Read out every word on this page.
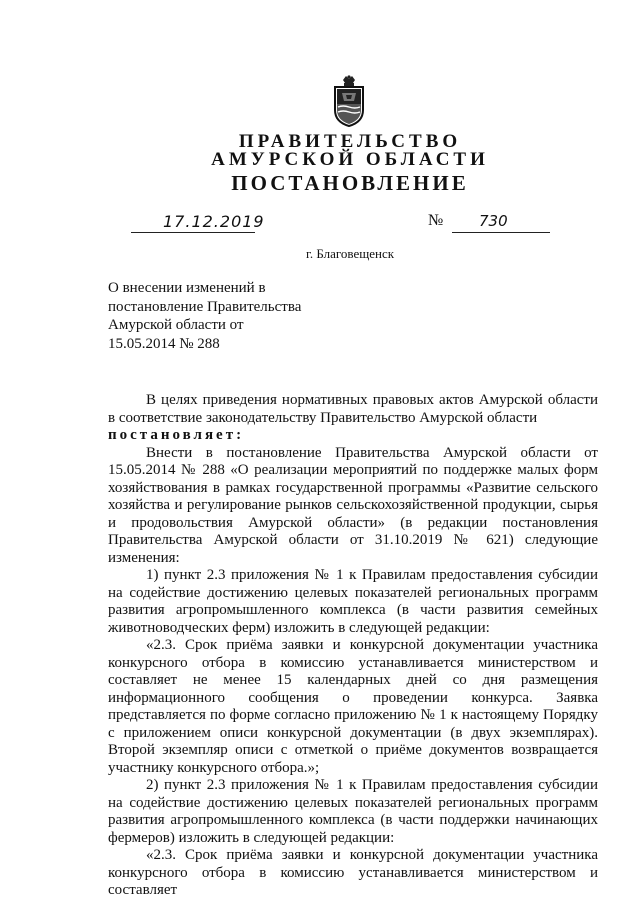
ПРАВИТЕЛЬСТВО
АМУРСКОЙ ОБЛАСТИ
ПОСТАНОВЛЕНИЕ
17.12.2019	№ 730
г. Благовещенск
О внесении изменений в
постановление Правительства
Амурской области от
15.05.2014 № 288

В целях приведения нормативных правовых актов Амурской области в соответствие законодательству Правительство Амурской области

постановляет:

Внести в постановление Правительства Амурской области от 15.05.2014 № 288 «О реализации мероприятий по поддержке малых форм хозяйствования в рамках государственной программы «Развитие сельского хозяйства и регулирование рынков сельскохозяйственной продукции, сырья и продовольствия Амурской области» (в редакции постановления Правительства Амурской области от 31.10.2019 № 621) следующие изменения:

1) пункт 2.3 приложения № 1 к Правилам предоставления субсидии на содействие достижению целевых показателей региональных программ развития агропромышленного комплекса (в части развития семейных животноводческих ферм) изложить в следующей редакции:

«2.3. Срок приёма заявки и конкурсной документации участника конкурсного отбора в комиссию устанавливается министерством и составляет не менее 15 календарных дней со дня размещения информационного сообщения о проведении конкурса. Заявка представляется по форме согласно приложению № 1 к настоящему Порядку с приложением описи конкурсной документации (в двух экземплярах). Второй экземпляр описи с отметкой о приёме документов возвращается участнику конкурсного отбора.»;

2) пункт 2.3 приложения № 1 к Правилам предоставления субсидии на содействие достижению целевых показателей региональных программ развития агропромышленного комплекса (в части поддержки начинающих фермеров) изложить в следующей редакции:

«2.3. Срок приёма заявки и конкурсной документации участника конкурсного отбора в комиссию устанавливается министерством и составляет
